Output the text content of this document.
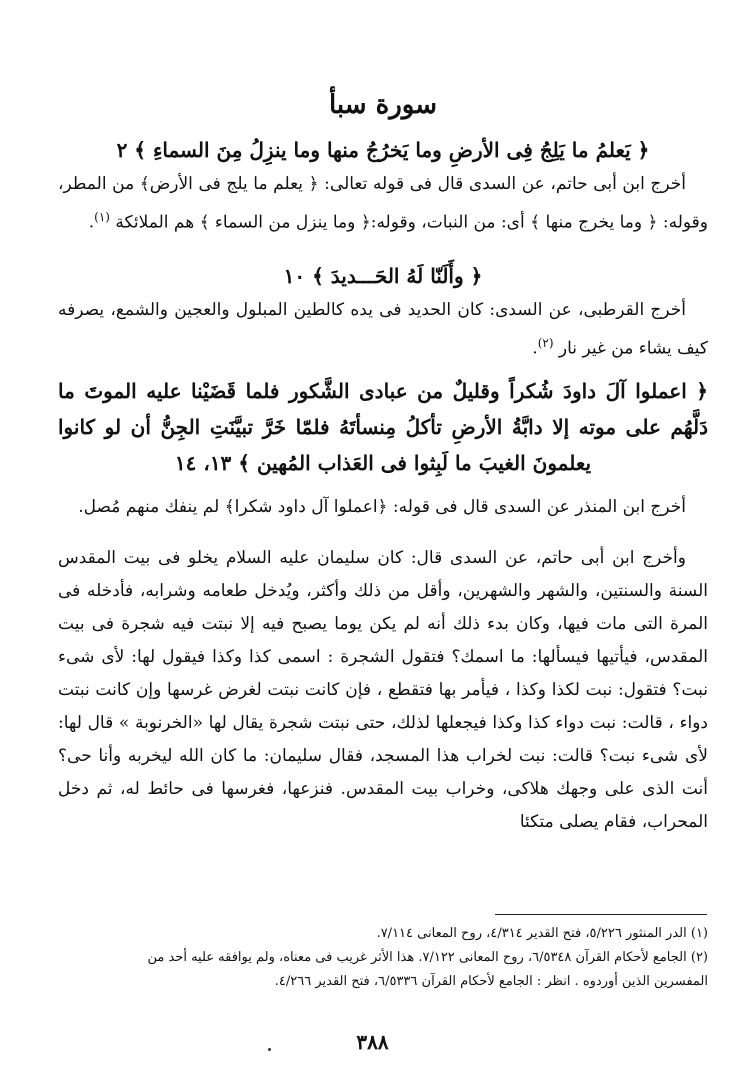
سورة سبأ
﴿ يَعلمُ ما يَلِجُ فِى الأرضِ وما يَخرُجُ منها وما ينزِلُ مِنَ السماءِ ﴾ ٢

أخرج ابن أبى حاتم، عن السدى قال فى قوله تعالى: ﴿ يعلم ما يلج فى الأرض﴾ من المطر، وقوله: ﴿ وما يخرج منها ﴾ أى: من النبات، وقوله:﴿ وما ينزل من السماء ﴾ هم الملائكة $^{(١)}$.

﴿ وأَلَنّا لَهُ الحَـــديدَ ﴾ ١٠

أخرج القرطبى، عن السدى: كان الحديد فى يده كالطين المبلول والعجين والشمع، يصرفه كيف يشاء من غير نار $^{(٢)}$.

﴿ اعملوا آلَ داودَ شُكراً وقليلٌ من عبادى الشَّكور فلما قَضَيْنا عليه الموتَ ما دَلَّهُم على موته إلا دابَّةُ الأرضِ تأكلُ مِنسأتَهُ فلمّا خَرَّ تبيَّنَتِ الجِنُّ أن لو كانوا يعلمونَ الغيبَ ما لَبِثوا فى العَذاب المُهين ﴾ ١٣، ١٤

أخرج ابن المنذر عن السدى قال فى قوله: ﴿اعملوا آل داود شكرا﴾ لم ينفك منهم مُصل.

وأخرج ابن أبى حاتم، عن السدى قال: كان سليمان عليه السلام يخلو فى بيت المقدس السنة والسنتين، والشهر والشهرين، وأقل من ذلك وأكثر، ويُدخل طعامه وشرابه، فأدخله فى المرة التى مات فيها، وكان بدء ذلك أنه لم يكن يوما يصبح فيه إلا نبتت فيه شجرة فى بيت المقدس، فيأتيها فيسألها: ما اسمك؟ فتقول الشجرة : اسمى كذا وكذا فيقول لها: لأى شىء نبت؟ فتقول: نبت لكذا وكذا ، فيأمر بها فتقطع ، فإن كانت نبتت لغرض غرسها وإن كانت نبتت دواء ، قالت: نبت دواء كذا وكذا فيجعلها لذلك، حتى نبتت شجرة يقال لها «الخرنوبة » قال لها: لأى شىء نبت؟ قالت: نبت لخراب هذا المسجد، فقال سليمان: ما كان الله ليخربه وأنا حى؟ أنت الذى على وجهك هلاكى، وخراب بيت المقدس. فنزعها، فغرسها فى حائط له، ثم دخل المحراب، فقام يصلى متكئا

(١) الدر المنثور ٥/٢٢٦، فتح القدير ٤/٣١٤، روح المعانى ٧/١١٤.
(٢) الجامع لأحكام القرآن ٦/٥٣٤٨، روح المعانى ٧/١٢٢. هذا الأثر غريب فى معناه، ولم يوافقه عليه أحد من
المفسرين الذين أوردوه . انظر : الجامع لأحكام القرآن ٦/٥٣٣٦، فتح القدير ٤/٢٦٦.
٣٨٨
